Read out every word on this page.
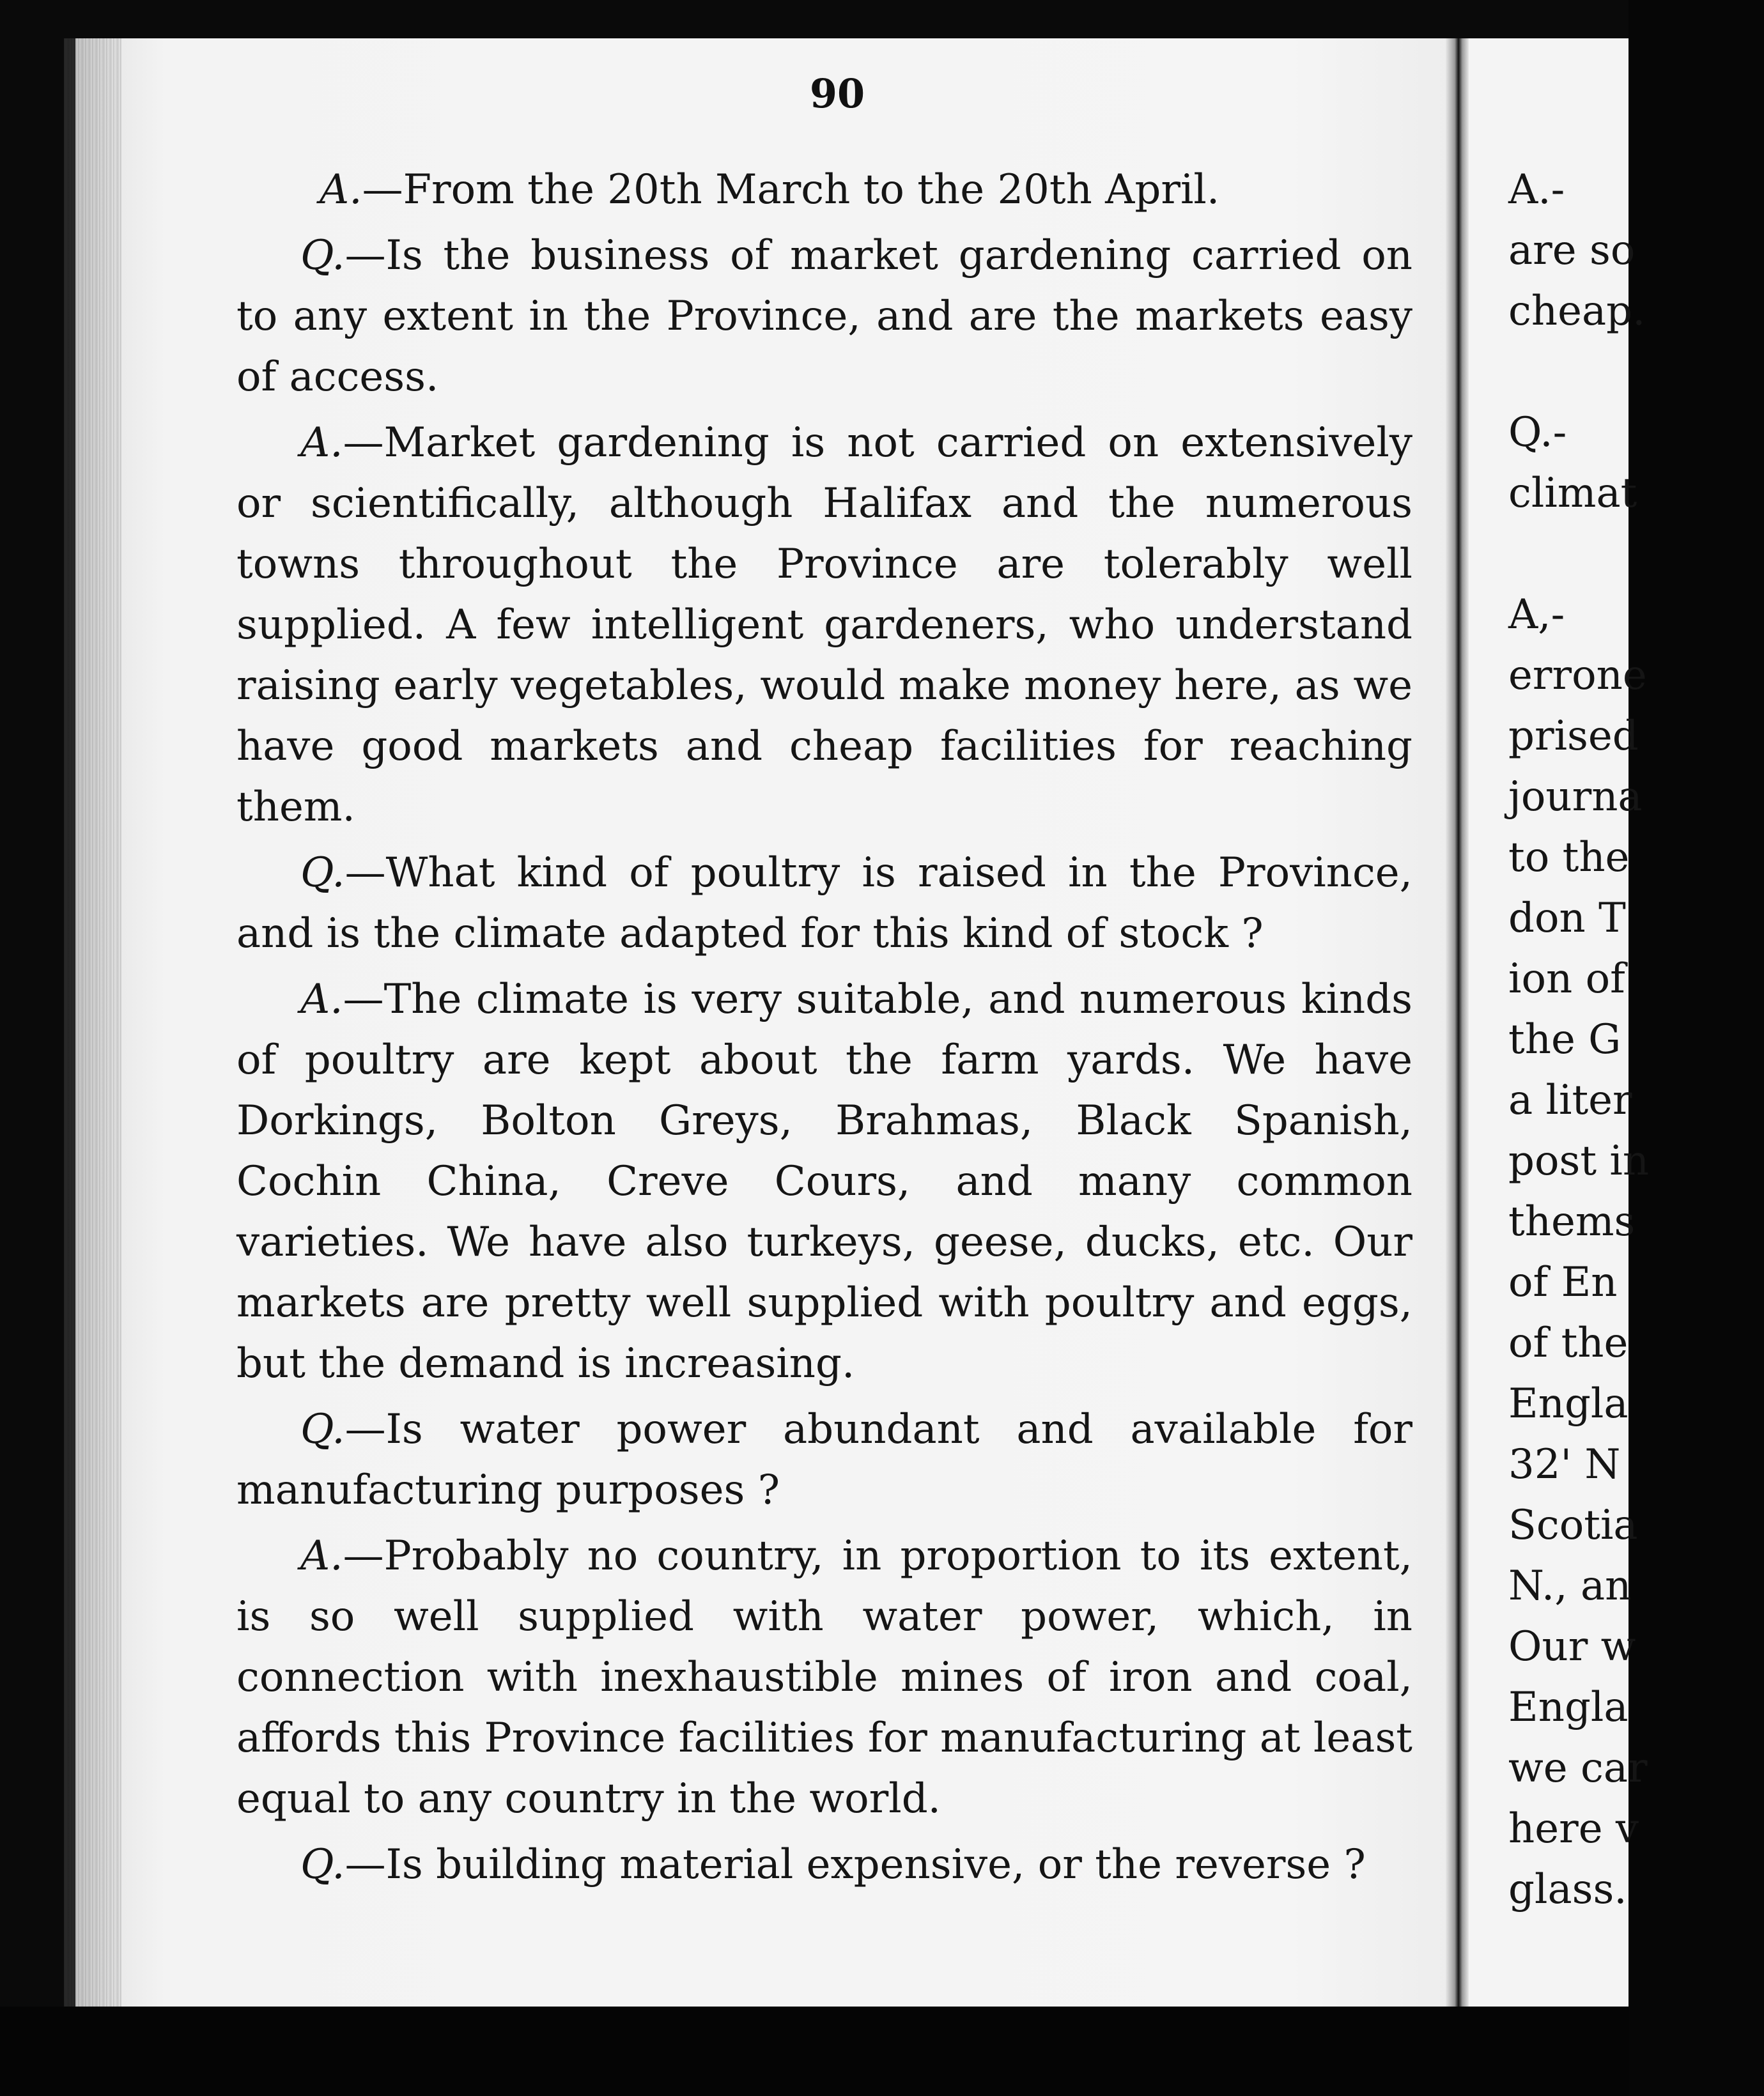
90

A.—From the 20th March to the 20th April.

Q.—Is the business of market gardening carried on to any extent in the Province, and are the markets easy of access.

A.—Market gardening is not carried on extensively or scientifically, although Halifax and the numerous towns throughout the Province are tolerably well supplied. A few intelligent gardeners, who understand raising early vegetables, would make money here, as we have good markets and cheap facilities for reaching them.

Q.—What kind of poultry is raised in the Province, and is the climate adapted for this kind of stock ?

A.—The climate is very suitable, and numerous kinds of poultry are kept about the farm yards. We have Dorkings, Bolton Greys, Brahmas, Black Spanish, Cochin China, Creve Cours, and many common varieties. We have also turkeys, geese, ducks, etc. Our markets are pretty well supplied with poultry and eggs, but the demand is increasing.

Q.—Is water power abundant and available for manufacturing purposes ?

A.—Probably no country, in proportion to its extent, is so well supplied with water power, which, in connection with inexhaustible mines of iron and coal, affords this Province facilities for manufacturing at least equal to any country in the world.

Q.—Is building material expensive, or the reverse ?

A.-
are so
cheap.
Q.-
climat
A,-
errone
prised
journa
to the
don T
ion of
the G
a liter
post in
thems
of En
of the
Engla
32' N
Scotia
N., an
Our w
Engla
we car
here v
glass.
